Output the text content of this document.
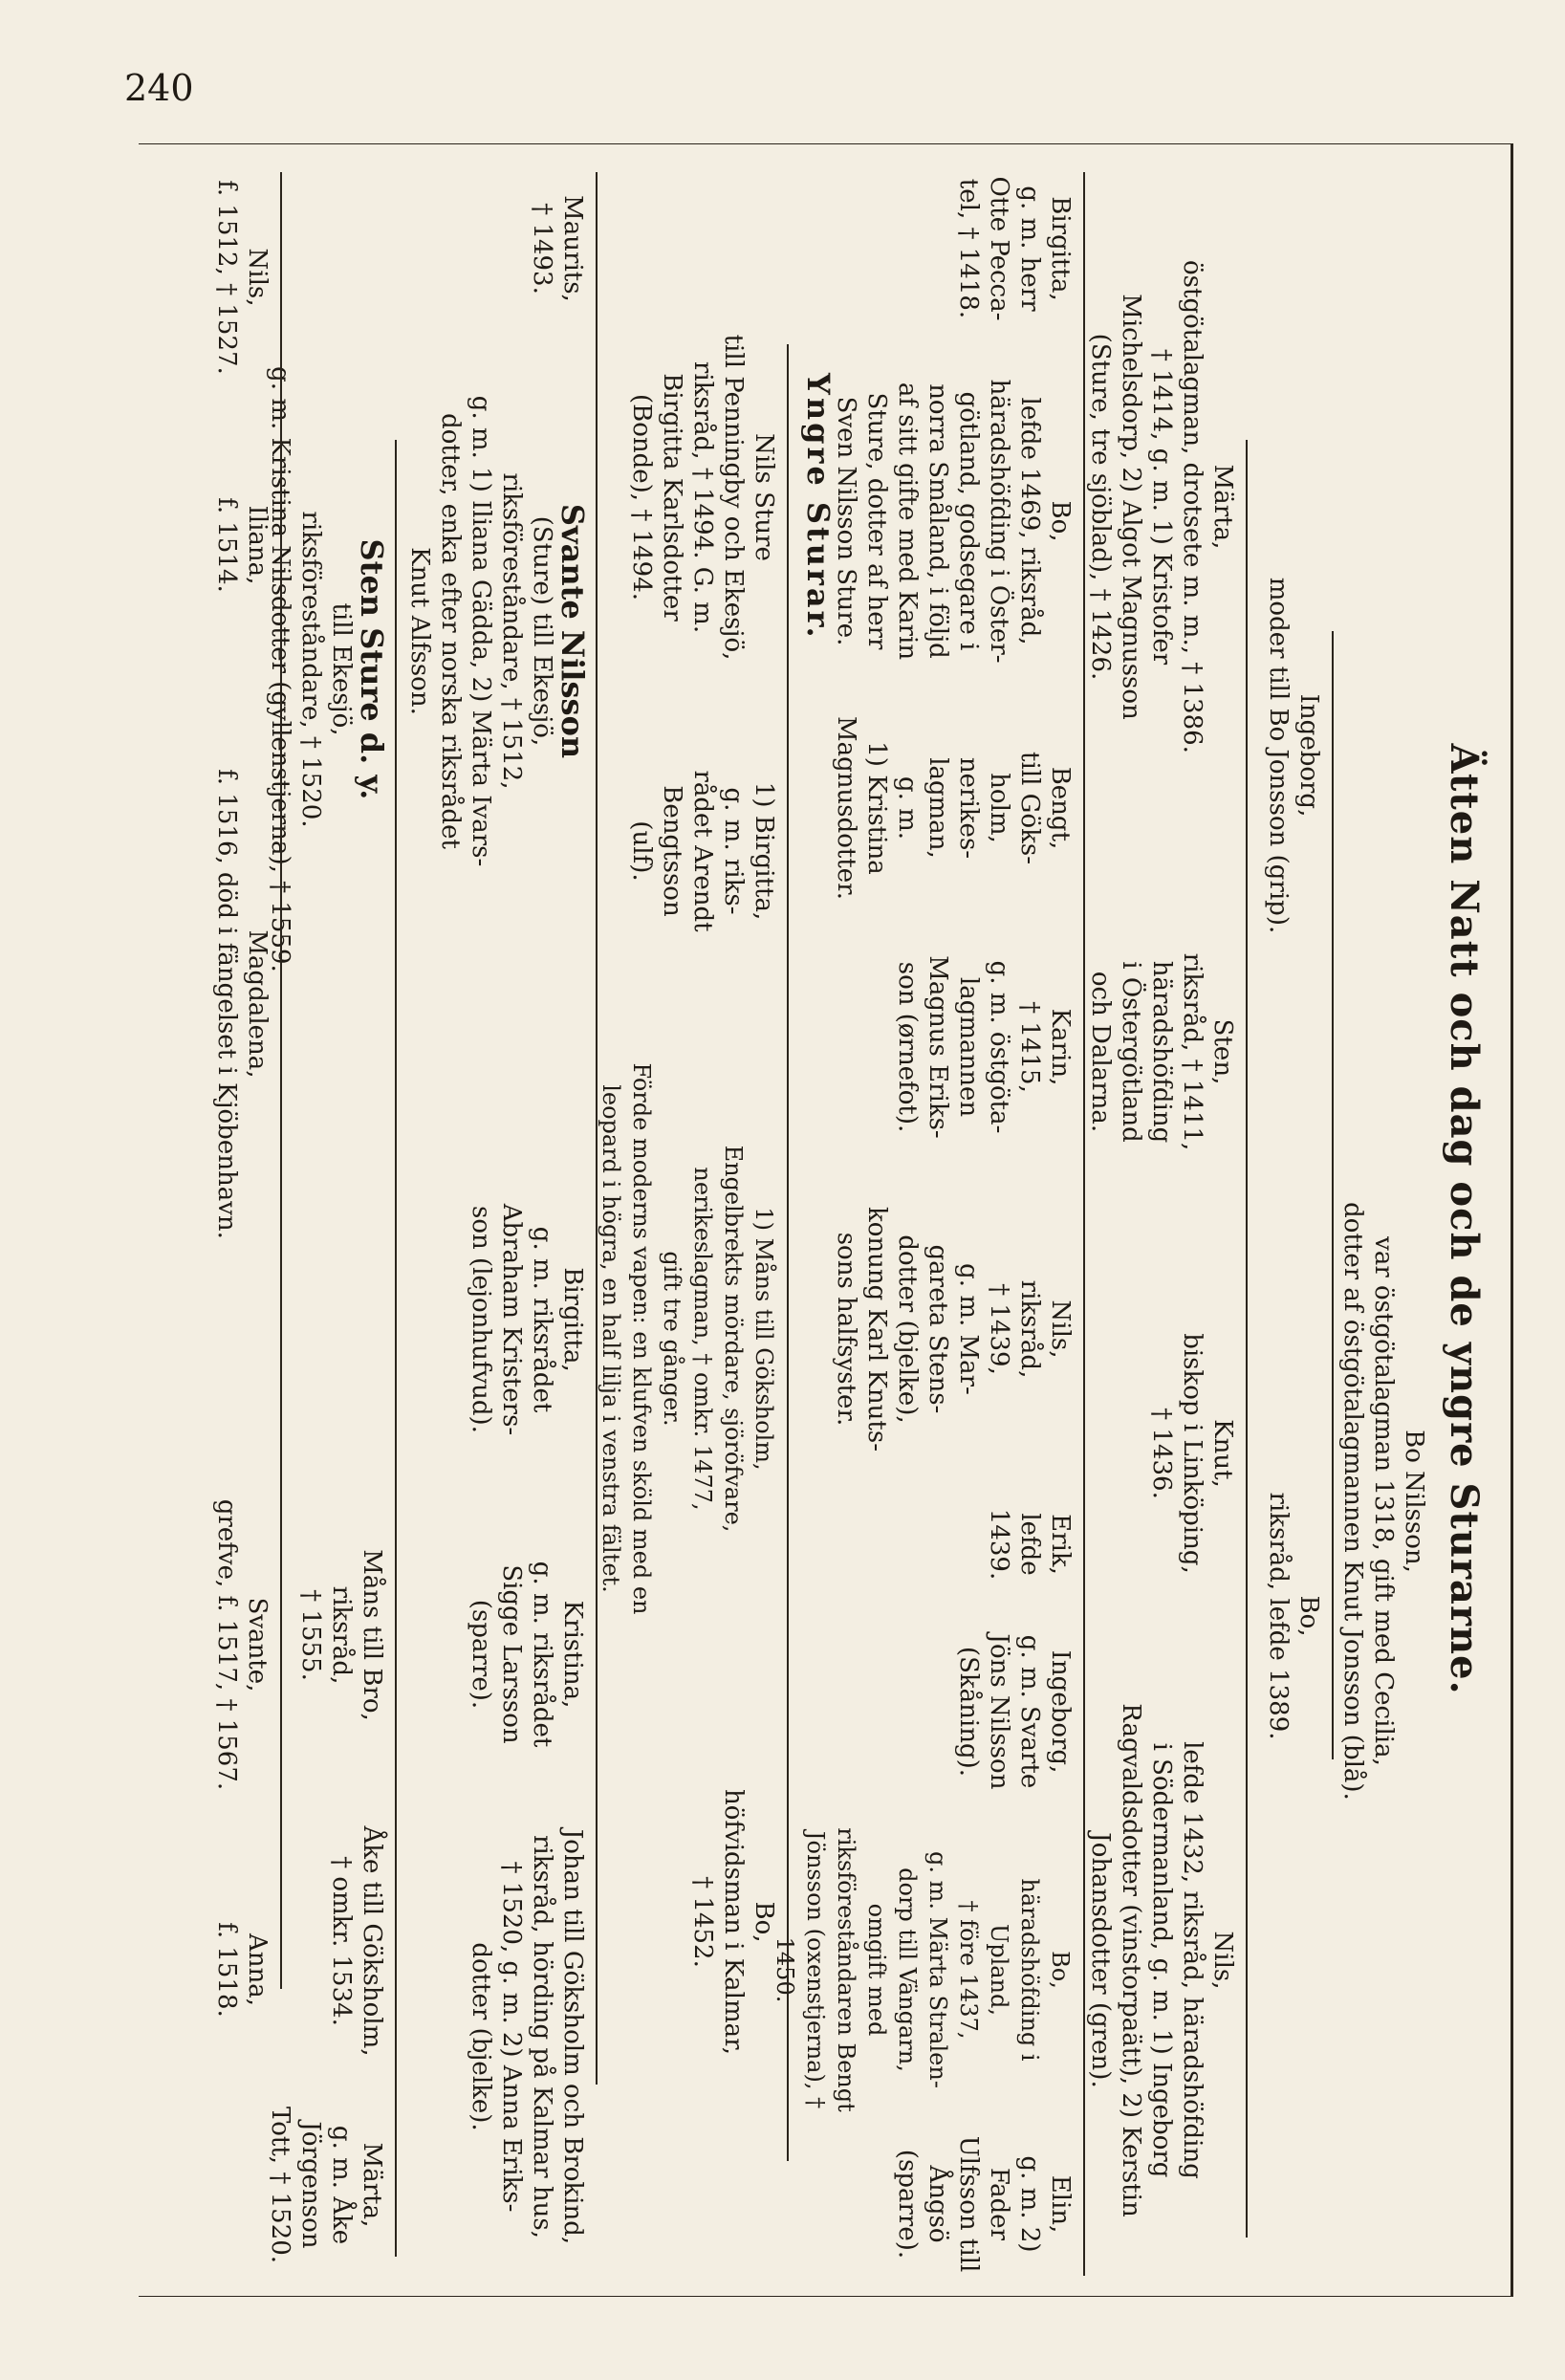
240
Ätten Natt och dag och de yngre Sturarne.
Bo Nilsson,
var östgötalagman 1318, gift med Cecilia,
dotter af östgötalagmannen Knut Jonsson (blå).
Ingeborg,
moder till Bo Jonsson (grip).
Bo,
riksråd, lefde 1389.
Märta,
östgötalagman, drotsete m. m., † 1386.
† 1414, g. m. 1) Kristofer
Michelsdorp, 2) Algot Magnusson
(Sture, tre sjöblad), † 1426.
Sten,
riksråd, † 1411,
häradshöfding
i Östergötland
och Dalarna.
Knut,
biskop i Linköping,
† 1436.
Nils,
lefde 1432, riksråd, häradshöfding
i Södermanland, g. m. 1) Ingeborg
Ragvaldsdotter (vinstorpaätt), 2) Kerstin
Johansdotter (gren).
Birgitta,
g. m. herr
Otte Pecca-
tel, † 1418.
Bo,
lefde 1469, riksråd,
häradshöfding i Öster-
götland, godsegare i
norra Småland, i följd
af sitt gifte med Karin
Sture, dotter af herr
Sven Nilsson Sture.
Bengt,
till Göks-
holm,
nerikes-
lagman,
g. m.
1) Kristina
Magnusdotter.
Karin,
† 1415,
g. m. östgöta-
lagmannen
Magnus Eriks-
son (ørnefot).
Nils,
riksråd,
† 1439,
g. m. Mar-
gareta Stens-
dotter (bjelke),
konung Karl Knuts-
sons halfsyster.
Erik,
lefde
1439.
Ingeborg,
g. m. Svarte
Jöns Nilsson
(Skåning).
Bo,
häradshöfding i
Upland,
† före 1437,
g. m. Märta Stralen-
dorp till Vängarn,
omgift med riksföreståndaren Bengt
Jönsson (oxenstjerna), † 1450.
Elin,
g. m. 2) Fader
Ulfsson till
Ångsö
(sparre).
Yngre Sturar.
Nils Sture
till Penningby och Ekesjö,
riksråd, † 1494. G. m.
Birgitta Karlsdotter
(Bonde), † 1494.
1) Birgitta,
g. m. riks-
rådet Arendt
Bengtsson
(ulf).
1) Måns till Göksholm,
Engelbrekts mördare, sjöröfvare,
nerikeslagman, † omkr. 1477,
gift tre gånger.
Förde moderns vapen: en klufven sköld med en
leopard i högra, en half lilja i venstra fältet.
Bo,
höfvidsman i Kalmar,
† 1452.
Maurits,
† 1493.
Svante Nilsson
(Sture) till Ekesjö,
riksföreståndare, † 1512,
g. m. 1) Iliana Gädda, 2) Märta Ivars-
dotter, enka efter norska riksrådet
Knut Alfsson.
Birgitta,
g. m. riksrådet
Abraham Kristers-
son (lejonhufvud).
Kristina,
g. m. riksrådet
Sigge Larsson
(sparre).
Johan till Göksholm och Brokind,
riksråd, hörding på Kalmar hus,
† 1520, g. m. 2) Anna Eriks-
dotter (bjelke).
Sten Sture d. y.
till Ekesjö,
riksföreståndare, † 1520.
g. m. Kristina Nilsdotter (gyllenstjerna), † 1559.
Måns till Bro,
riksråd,
† 1555.
Åke till Göksholm,
† omkr. 1534.
Märta,
g. m. Åke Jörgenson
Tott, † 1520.
Nils,
f. 1512, † 1527.
Iliana,
f. 1514.
Magdalena,
f. 1516, död i fängelset i Kjöbenhavn.
Svante,
grefve, f. 1517, † 1567.
Anna,
f. 1518.
